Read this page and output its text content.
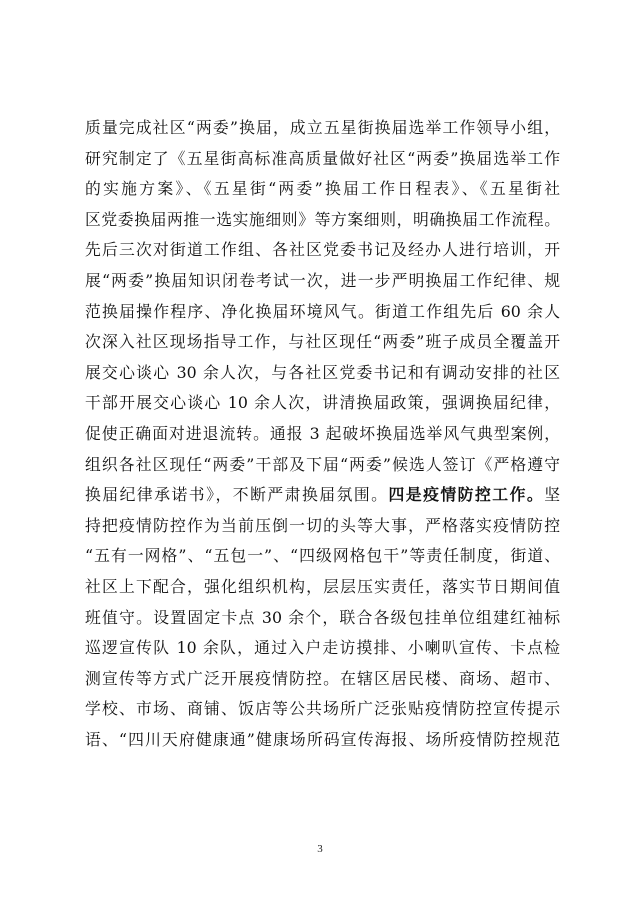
质量完成社区“两委”换届，成立五星街换届选举工作领导小组，
研究制定了《五星街高标准高质量做好社区“两委”换届选举工作
的实施方案》、《五星街“两委”换届工作日程表》、《五星街社
区党委换届两推一选实施细则》等方案细则，明确换届工作流程。
先后三次对街道工作组、各社区党委书记及经办人进行培训，开
展“两委”换届知识闭卷考试一次，进一步严明换届工作纪律、规
范换届操作程序、净化换届环境风气。街道工作组先后 60 余人
次深入社区现场指导工作，与社区现任“两委”班子成员全覆盖开
展交心谈心 30 余人次，与各社区党委书记和有调动安排的社区
干部开展交心谈心 10 余人次，讲清换届政策，强调换届纪律，
促使正确面对进退流转。通报 3 起破坏换届选举风气典型案例，
组织各社区现任“两委”干部及下届“两委”候选人签订《严格遵守
换届纪律承诺书》，不断严肃换届氛围。四是疫情防控工作。坚
持把疫情防控作为当前压倒一切的头等大事，严格落实疫情防控
“五有一网格”、“五包一”、“四级网格包干”等责任制度，街道、
社区上下配合，强化组织机构，层层压实责任，落实节日期间值
班值守。设置固定卡点 30 余个，联合各级包挂单位组建红袖标
巡逻宣传队 10 余队，通过入户走访摸排、小喇叭宣传、卡点检
测宣传等方式广泛开展疫情防控。在辖区居民楼、商场、超市、
学校、市场、商铺、饭店等公共场所广泛张贴疫情防控宣传提示
语、“四川天府健康通”健康场所码宣传海报、场所疫情防控规范
3
